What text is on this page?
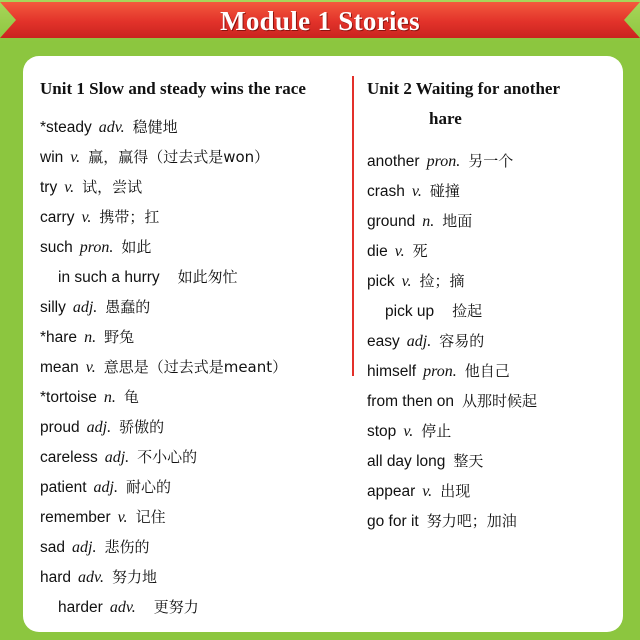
Module 1 Stories
Unit 1 Slow and steady wins the race
*steady adv. 稳健地
win v. 赢，赢得（过去式是won）
try v. 试，尝试
carry v. 携带；扛
such pron. 如此
in such a hurry 如此匆忙
silly adj. 愚蠢的
*hare n. 野兔
mean v. 意思是（过去式是meant）
*tortoise n. 龟
proud adj. 骄傲的
careless adj. 不小心的
patient adj. 耐心的
remember v. 记住
sad adj. 悲伤的
hard adv. 努力地
harder adv. 更努力
Unit 2 Waiting for another
hare
another pron. 另一个
crash v. 碰撞
ground n. 地面
die v. 死
pick v. 捡；摘
pick up 捡起
easy adj. 容易的
himself pron. 他自己
from then on 从那时候起
stop v. 停止
all day long 整天
appear v. 出现
go for it 努力吧；加油
